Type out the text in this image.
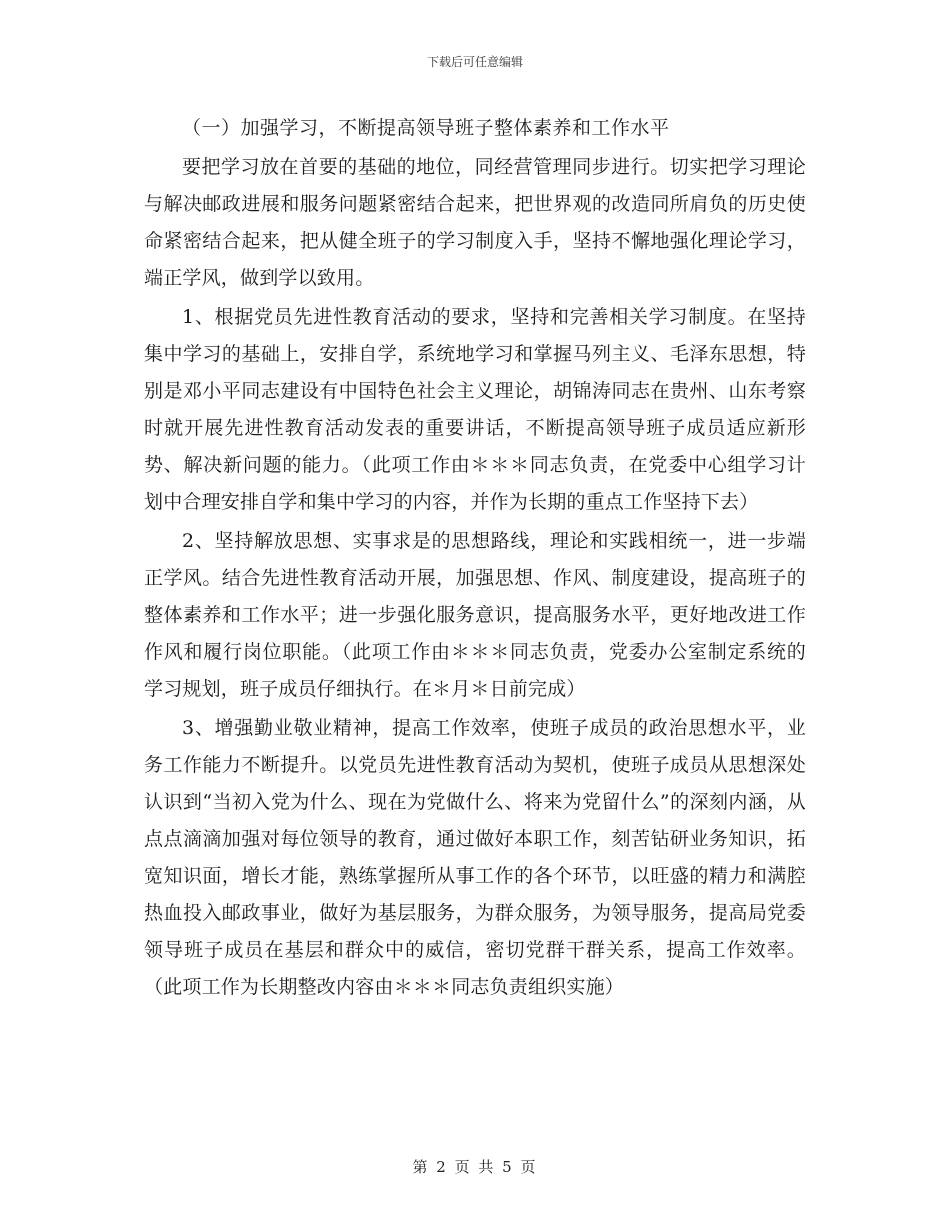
下载后可任意编辑

（一）加强学习，不断提高领导班子整体素养和工作水平

要把学习放在首要的基础的地位，同经营管理同步进行。切实把学习理论与解决邮政进展和服务问题紧密结合起来，把世界观的改造同所肩负的历史使命紧密结合起来，把从健全班子的学习制度入手，坚持不懈地强化理论学习，端正学风，做到学以致用。

1、根据党员先进性教育活动的要求，坚持和完善相关学习制度。在坚持集中学习的基础上，安排自学，系统地学习和掌握马列主义、毛泽东思想，特别是邓小平同志建设有中国特色社会主义理论，胡锦涛同志在贵州、山东考察时就开展先进性教育活动发表的重要讲话，不断提高领导班子成员适应新形势、解决新问题的能力。（此项工作由＊＊＊同志负责，在党委中心组学习计划中合理安排自学和集中学习的内容，并作为长期的重点工作坚持下去）

2、坚持解放思想、实事求是的思想路线，理论和实践相统一，进一步端正学风。结合先进性教育活动开展，加强思想、作风、制度建设，提高班子的整体素养和工作水平；进一步强化服务意识，提高服务水平，更好地改进工作作风和履行岗位职能。（此项工作由＊＊＊同志负责，党委办公室制定系统的学习规划，班子成员仔细执行。在＊月＊日前完成）

3、增强勤业敬业精神，提高工作效率，使班子成员的政治思想水平，业务工作能力不断提升。以党员先进性教育活动为契机，使班子成员从思想深处认识到“当初入党为什么、现在为党做什么、将来为党留什么”的深刻内涵，从点点滴滴加强对每位领导的教育，通过做好本职工作，刻苦钻研业务知识，拓宽知识面，增长才能，熟练掌握所从事工作的各个环节，以旺盛的精力和满腔热血投入邮政事业，做好为基层服务，为群众服务，为领导服务，提高局党委领导班子成员在基层和群众中的威信，密切党群干群关系，提高工作效率。（此项工作为长期整改内容由＊＊＊同志负责组织实施）

第 2 页 共 5 页
